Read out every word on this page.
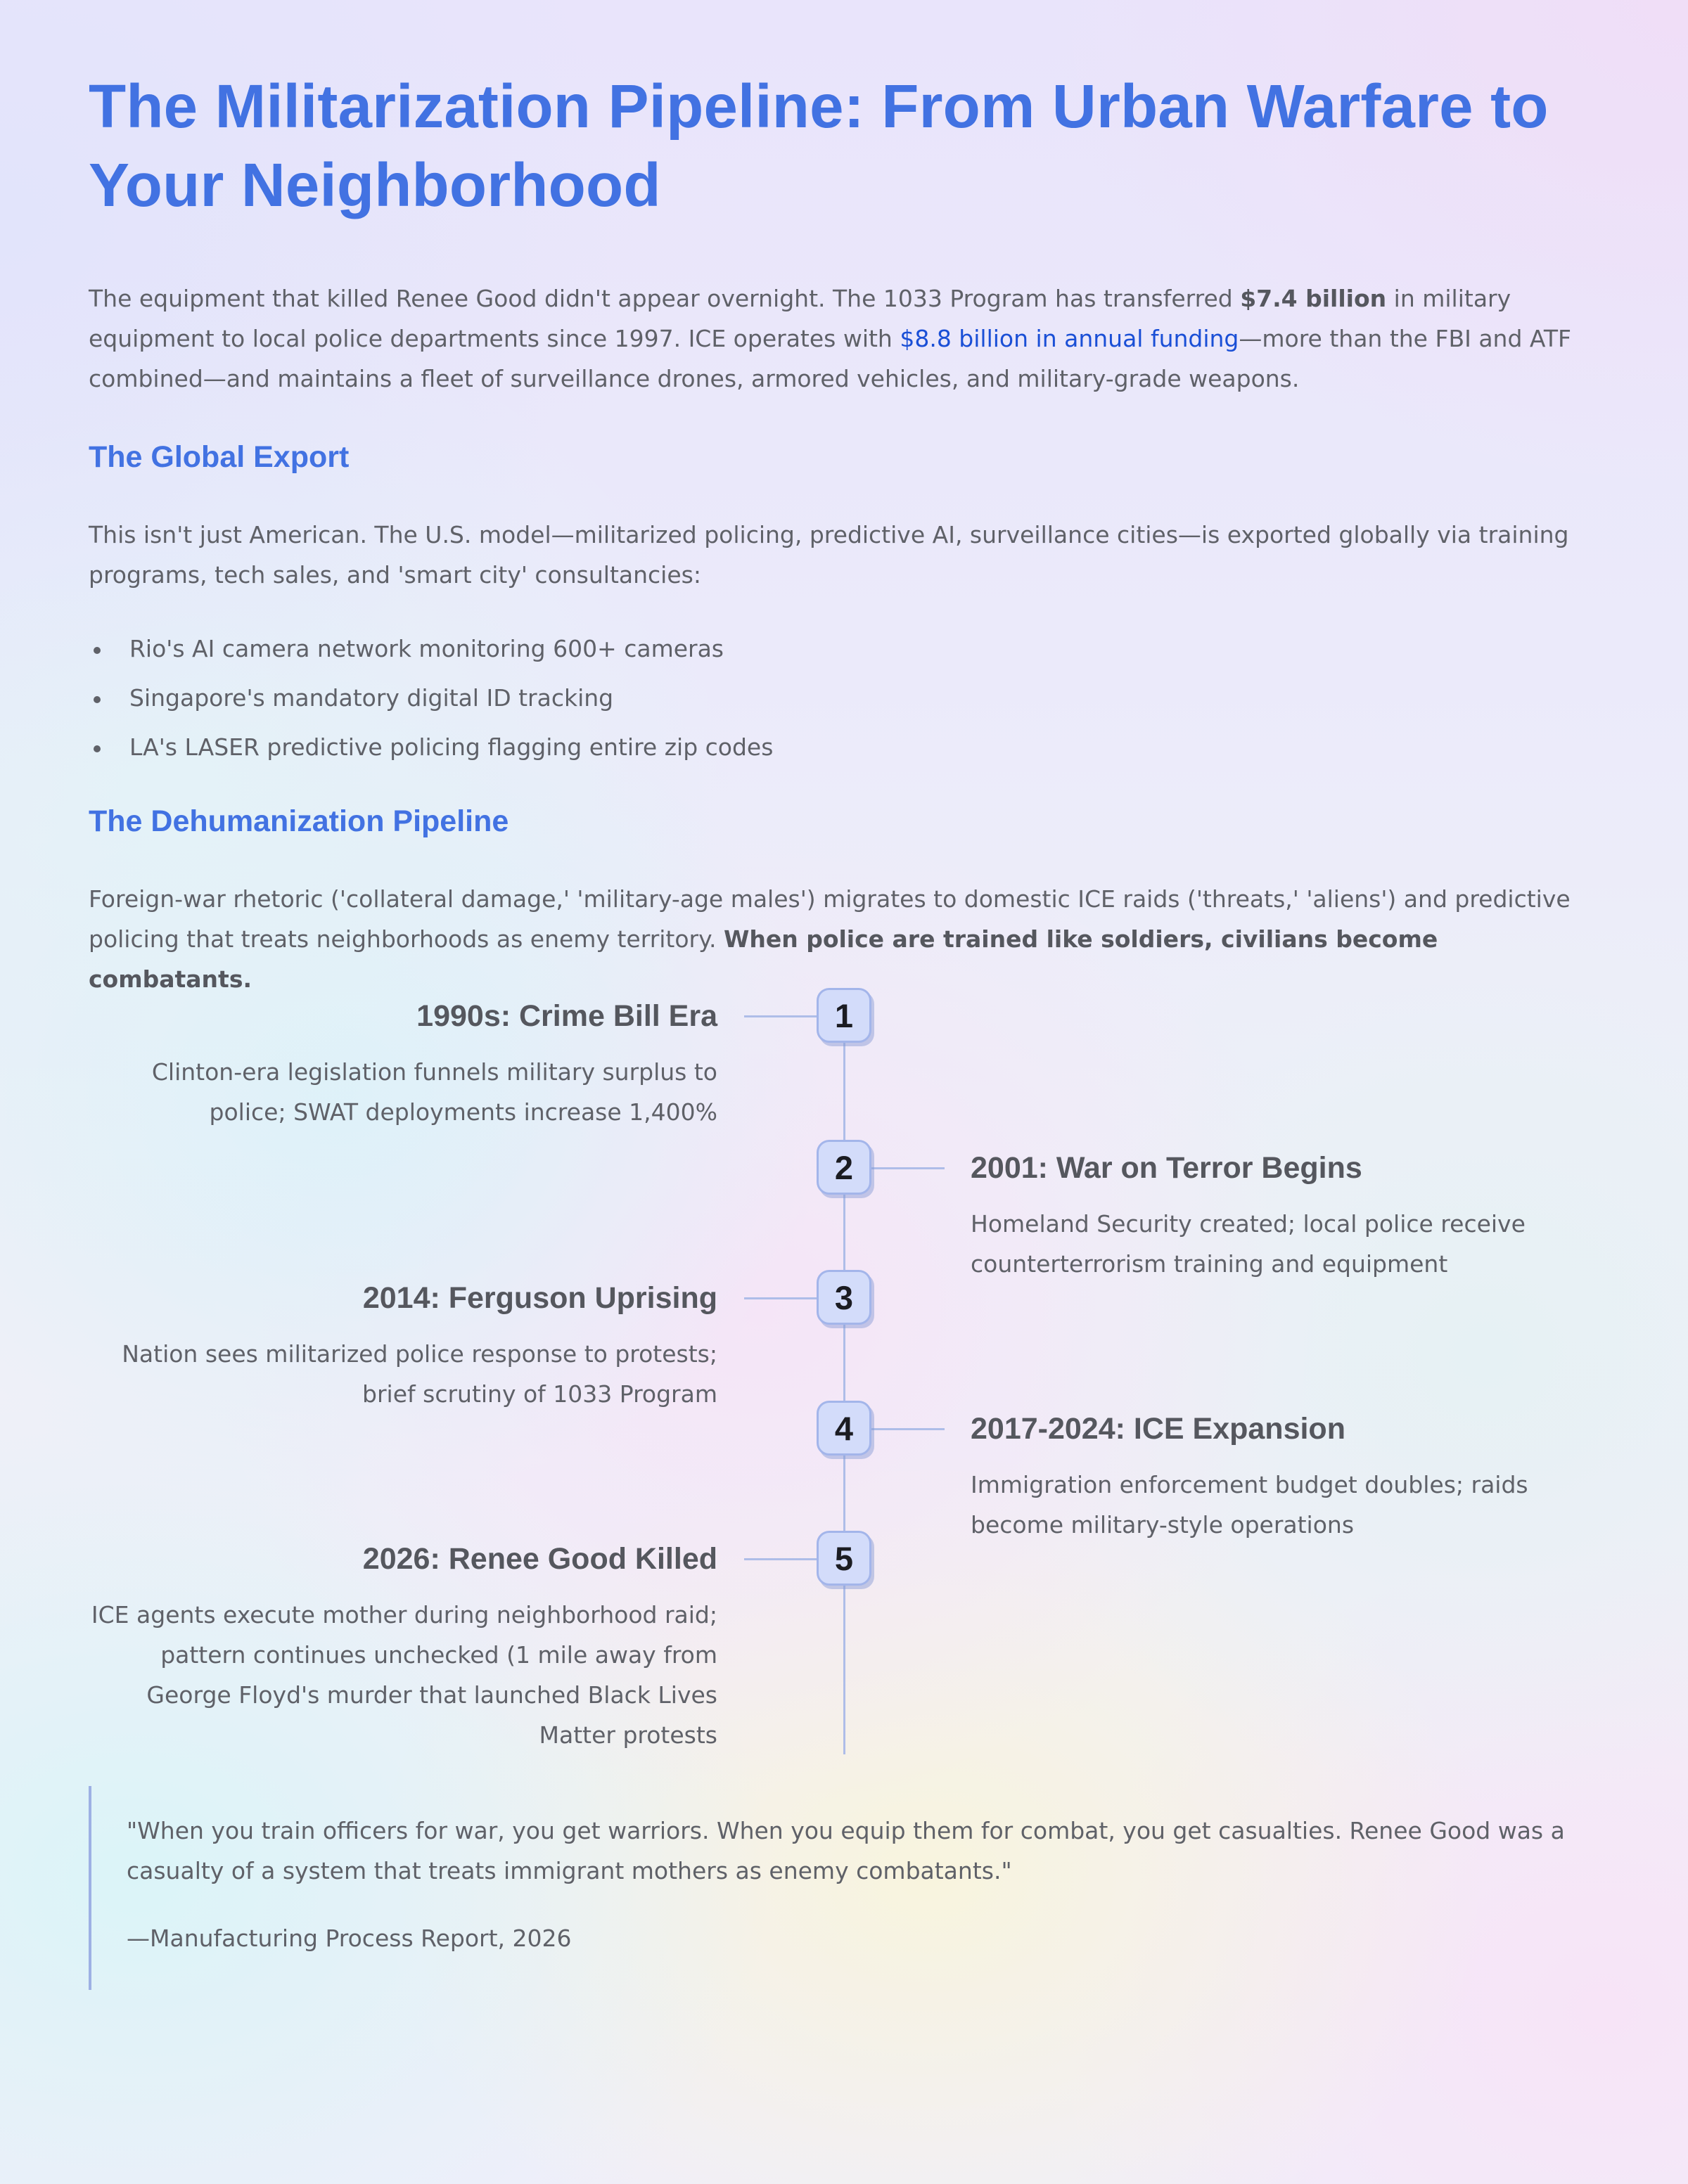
The Militarization Pipeline: From Urban Warfare to Your Neighborhood

The equipment that killed Renee Good didn't appear overnight. The 1033 Program has transferred $7.4 billion in military equipment to local police departments since 1997. ICE operates with $8.8 billion in annual funding—more than the FBI and ATF combined—and maintains a fleet of surveillance drones, armored vehicles, and military-grade weapons.

The Global Export

This isn't just American. The U.S. model—militarized policing, predictive AI, surveillance cities—is exported globally via training programs, tech sales, and 'smart city' consultancies:

Rio's AI camera network monitoring 600+ cameras
Singapore's mandatory digital ID tracking
LA's LASER predictive policing flagging entire zip codes
The Dehumanization Pipeline

Foreign-war rhetoric ('collateral damage,' 'military-age males') migrates to domestic ICE raids ('threats,' 'aliens') and predictive policing that treats neighborhoods as enemy territory. When police are trained like soldiers, civilians become combatants.

1
1990s: Crime Bill Era
Clinton-era legislation funnels military surplus to police; SWAT deployments increase 1,400%
2	2001: War on Terror Begins
Homeland Security created; local police receive counterterrorism training and equipment
3
2014: Ferguson Uprising
Nation sees militarized police response to protests; brief scrutiny of 1033 Program
4	2017-2024: ICE Expansion
Immigration enforcement budget doubles; raids become military-style operations
5
2026: Renee Good Killed
ICE agents execute mother during neighborhood raid; pattern continues unchecked (1 mile away from George Floyd's murder that launched Black Lives Matter protests

"When you train officers for war, you get warriors. When you equip them for combat, you get casualties. Renee Good was a casualty of a system that treats immigrant mothers as enemy combatants."

—Manufacturing Process Report, 2026
